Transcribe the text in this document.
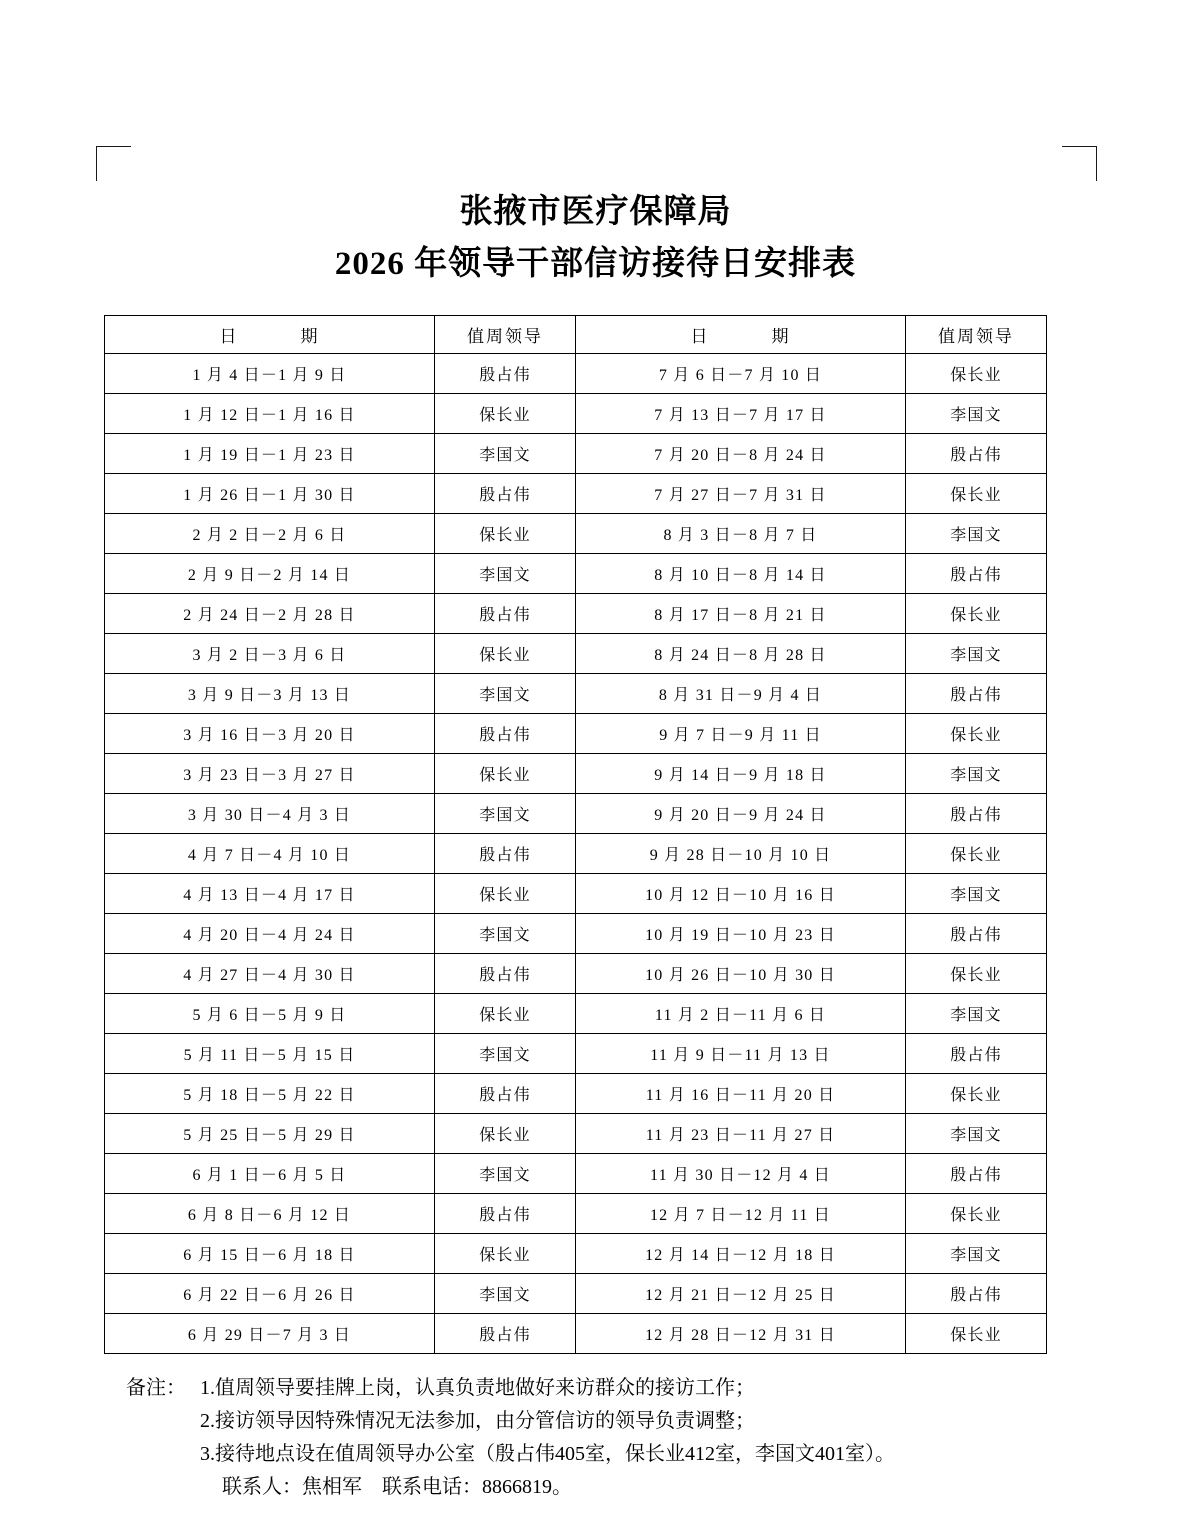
张掖市医疗保障局
2026 年领导干部信访接待日安排表
日　　期	值周领导	日　　期	值周领导
1 月 4 日－1 月 9 日	殷占伟	7 月 6 日－7 月 10 日	保长业
1 月 12 日－1 月 16 日	保长业	7 月 13 日－7 月 17 日	李国文
1 月 19 日－1 月 23 日	李国文	7 月 20 日－8 月 24 日	殷占伟
1 月 26 日－1 月 30 日	殷占伟	7 月 27 日－7 月 31 日	保长业
2 月 2 日－2 月 6 日	保长业	8 月 3 日－8 月 7 日	李国文
2 月 9 日－2 月 14 日	李国文	8 月 10 日－8 月 14 日	殷占伟
2 月 24 日－2 月 28 日	殷占伟	8 月 17 日－8 月 21 日	保长业
3 月 2 日－3 月 6 日	保长业	8 月 24 日－8 月 28 日	李国文
3 月 9 日－3 月 13 日	李国文	8 月 31 日－9 月 4 日	殷占伟
3 月 16 日－3 月 20 日	殷占伟	9 月 7 日－9 月 11 日	保长业
3 月 23 日－3 月 27 日	保长业	9 月 14 日－9 月 18 日	李国文
3 月 30 日－4 月 3 日	李国文	9 月 20 日－9 月 24 日	殷占伟
4 月 7 日－4 月 10 日	殷占伟	9 月 28 日－10 月 10 日	保长业
4 月 13 日－4 月 17 日	保长业	10 月 12 日－10 月 16 日	李国文
4 月 20 日－4 月 24 日	李国文	10 月 19 日－10 月 23 日	殷占伟
4 月 27 日－4 月 30 日	殷占伟	10 月 26 日－10 月 30 日	保长业
5 月 6 日－5 月 9 日	保长业	11 月 2 日－11 月 6 日	李国文
5 月 11 日－5 月 15 日	李国文	11 月 9 日－11 月 13 日	殷占伟
5 月 18 日－5 月 22 日	殷占伟	11 月 16 日－11 月 20 日	保长业
5 月 25 日－5 月 29 日	保长业	11 月 23 日－11 月 27 日	李国文
6 月 1 日－6 月 5 日	李国文	11 月 30 日－12 月 4 日	殷占伟
6 月 8 日－6 月 12 日	殷占伟	12 月 7 日－12 月 11 日	保长业
6 月 15 日－6 月 18 日	保长业	12 月 14 日－12 月 18 日	李国文
6 月 22 日－6 月 26 日	李国文	12 月 21 日－12 月 25 日	殷占伟
6 月 29 日－7 月 3 日	殷占伟	12 月 28 日－12 月 31 日	保长业
备注： 1.值周领导要挂牌上岗，认真负责地做好来访群众的接访工作；
2.接访领导因特殊情况无法参加，由分管信访的领导负责调整；
3.接待地点设在值周领导办公室（殷占伟405室，保长业412室，李国文401室）。
联系人：焦相军　联系电话：8866819。
